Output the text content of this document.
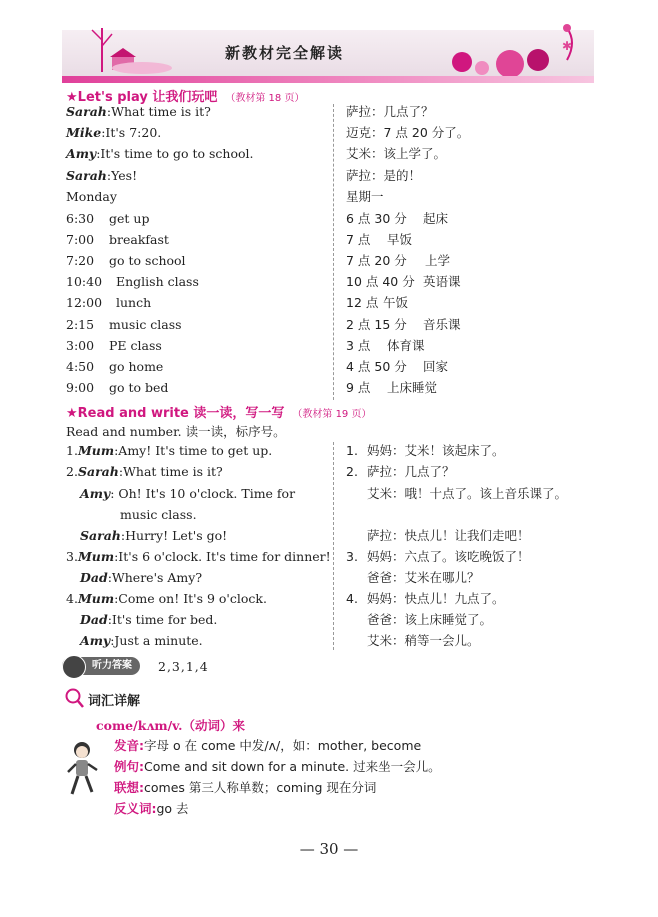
✱
新教材完全解读
★Let's play 让我们玩吧 （教材第 18 页）
Sarah:What time is it?	萨拉：几点了？
Mike:It's 7:20.	迈克：7 点 20 分了。
Amy:It's time to go to school.	艾米：该上学了。
Sarah:Yes!	萨拉：是的！
Monday	星期一
6:30 get up	6 点 30 分 起床
7:00 breakfast	7 点 早饭
7:20 go to school	7 点 20 分 上学
10:40 English class	10 点 40 分 英语课
12:00 lunch	12 点 午饭
2:15 music class	2 点 15 分 音乐课
3:00 PE class	3 点 体育课
4:50 go home	4 点 50 分 回家
9:00 go to bed	9 点 上床睡觉
★Read and write 读一读，写一写 （教材第 19 页）
Read and number. 读一读，标序号。
1.Mum:Amy! It's time to get up.	1. 妈妈：艾米！该起床了。
2.Sarah:What time is it?	2. 萨拉：几点了？
Amy: Oh! It's 10 o'clock. Time for	艾米：哦！十点了。该上音乐课了。
music class.
Sarah:Hurry! Let's go!	萨拉：快点儿！让我们走吧！
3.Mum:It's 6 o'clock. It's time for dinner! 3. 妈妈：六点了。该吃晚饭了！
Dad:Where's Amy?	爸爸：艾米在哪儿？
4.Mum:Come on! It's 9 o'clock.	4. 妈妈：快点儿！九点了。
Dad:It's time for bed.	爸爸：该上床睡觉了。
Amy:Just a minute.	艾米：稍等一会儿。
听力答案	2,3,1,4
词汇详解
come/kʌm/v.（动词）来
发音:字母 o 在 come 中发/ʌ/，如：mother, become
例句:Come and sit down for a minute. 过来坐一会儿。
联想:comes 第三人称单数；coming 现在分词
反义词:go 去
— 30 —
